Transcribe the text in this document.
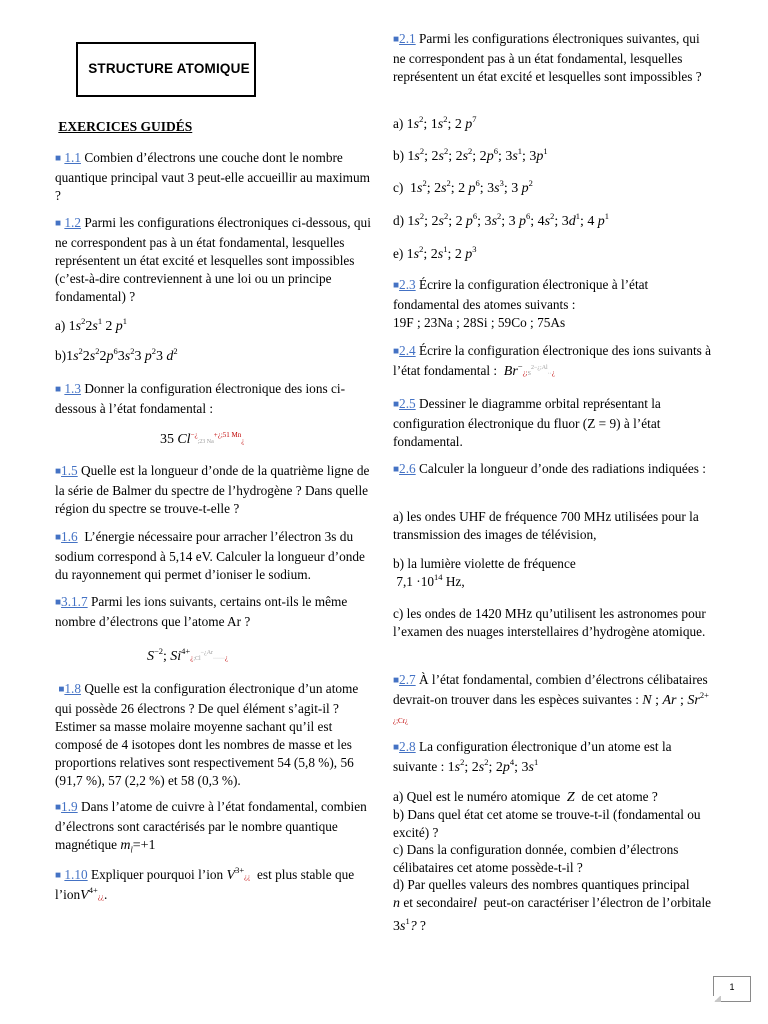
STRUCTURE ATOMIQUE
EXERCICES GUIDÉS
■ 1.1 Combien d’électrons une couche dont le nombre quantique principal vaut 3 peut-elle accueillir au maximum ?
■ 1.2 Parmi les configurations électroniques ci-dessous, qui ne correspondent pas à un état fondamental, lesquelles représentent un état excité et lesquelles sont impossibles (c’est-à-dire contreviennent à une loi ou un principe fondamental) ?
a) $1s^22s^1$ 2 $p^1$
$b)1s^22s^22p^63s^23$ $p^23$ $d^2$
■ 1.3 Donner la configuration électronique des ions ci-dessous à l’état fondamental :
35 Cl−¿;23 $Na^{+¿;51 Mn}¿$
■1.5 Quelle est la longueur d’onde de la quatrième ligne de la série de Balmer du spectre de l’hydrogène ? Dans quelle région du spectre se trouve-t-elle ?
■1.6 L’énergie nécessaire pour arracher l’électron 3s du sodium correspond à 5,14 eV. Calculer la longueur d’onde du rayonnement qui permet d’ioniser le sodium.
■3.1.7 Parmi les ions suivants, certains ont-ils le même nombre d’électrons que l’atome Ar ?
$S^{-2}$; $Si^{4+}¿;Cl^{-¿Ar}\cdot\cdot\cdot\cdot\cdot\cdot¿$
■1.8 Quelle est la configuration électronique d’un atome qui possède 26 électrons ? De quel élément s’agit-il ? Estimer sa masse molaire moyenne sachant qu’il est composé de 4 isotopes dont les nombres de masse et les proportions relatives sont respectivement 54 (5,8 %), 56 (91,7 %), 57 (2,2 %) et 58 (0,3 %).
■1.9 Dans l’atome de cuivre à l’état fondamental, combien d’électrons sont caractérisés par le nombre quantique magnétique $m_l=+1$
■ 1.10 Expliquer pourquoi l’ion $V^{3+}¿¿$ est plus stable que l’ionV$^{4+}$¿¿.
■2.1 Parmi les configurations électroniques suivantes, qui ne correspondent pas à un état fondamental, lesquelles représentent un état excité et lesquelles sont impossibles ?
a) $1s^2$; $1s^2$; 2 $p^7$
b) $1s^2$; $2s^2$; $2s^2$; $2p^6$; $3s^1$; $3p^1$
c) $1s^2$; $2s^2$; 2 $p^6$; $3s^3$; 3 $p^2$
d) $1s^2$; $2s^2$; 2 $p^6$; $3s^2$; 3 $p^6$; $4s^2$; $3d^1$; 4 $p^1$
e) $1s^2$; $2s^1$; 2 $p^3$
■2.3 Écrire la configuration électronique à l’état fondamental des atomes suivants :
19F ; 23Na ; 28Si ; 59Co ; 75As
■2.4 Écrire la configuration électronique des ions suivants à l’état fondamental : $Br^-¿;S^{2-¿;Al}\cdot\cdot¿$
■2.5 Dessiner le diagramme orbital représentant la configuration électronique du fluor (Z = 9) à l’état fondamental.
■2.6 Calculer la longueur d’onde des radiations indiquées :
a) les ondes UHF de fréquence 700 MHz utilisées pour la transmission des images de télévision,
b) la lumière violette de fréquence
$7,1 \cdot 10^{14}$ Hz,
c) les ondes de 1420 MHz qu’utilisent les astronomes pour l’examen des nuages interstellaires d’hydrogène atomique.
■2.7 À l’état fondamental, combien d’électrons célibataires devrait-on trouver dans les espèces suivantes : N ; Ar ; $Sr^{2+}¿;Cr¿$
■2.8 La configuration électronique d’un atome est la suivante : $1s^2$; $2s^2$; $2p^4$; $3s^1$
a) Quel est le numéro atomique Z de cet atome ?
b) Dans quel état cet atome se trouve-t-il (fondamental ou excité) ?
c) Dans la configuration donnée, combien d’électrons célibataires cet atome possède-t-il ?
d) Par quelles valeurs des nombres quantiques principal
n et secondairel peut-on caractériser l’électron de l’orbitale
$3s^1$? ?
1
